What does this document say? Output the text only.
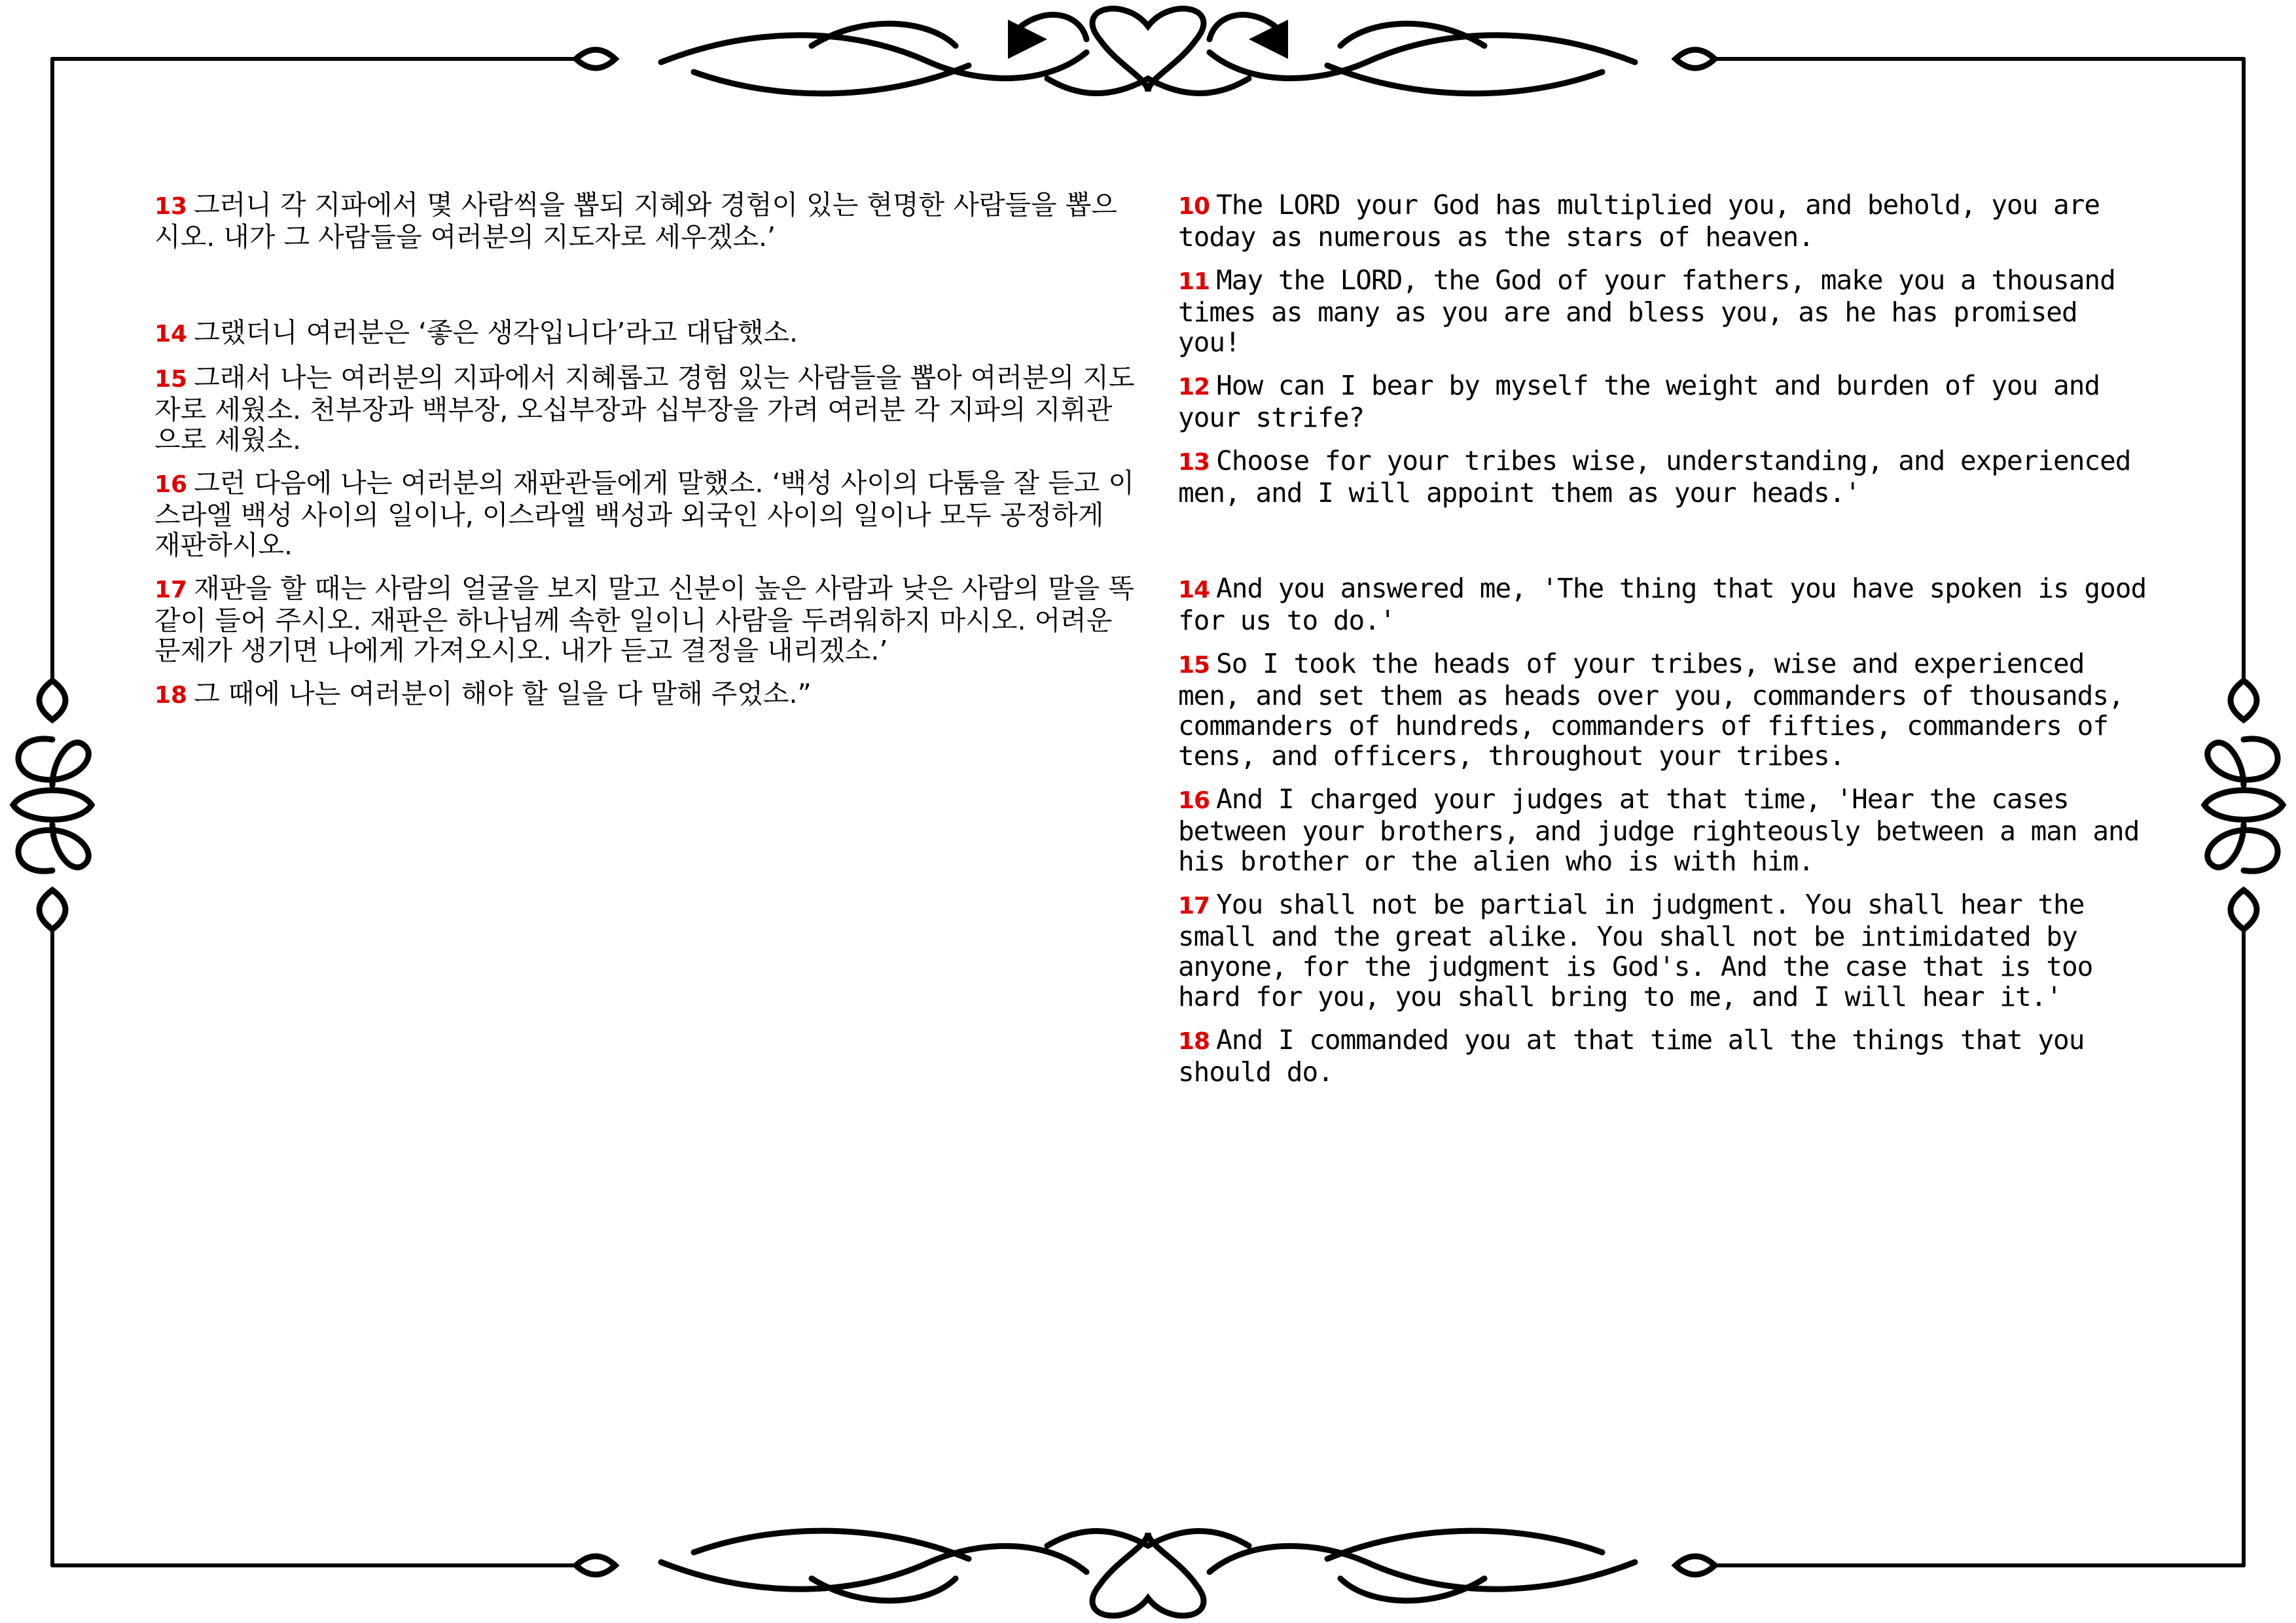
13 그러니 각 지파에서 몇 사람씩을 뽑되 지혜와 경험이 있는 현명한 사람들을 뽑으시오. 내가 그 사람들을 여러분의 지도자로 세우겠소.’

14 그랬더니 여러분은 ‘좋은 생각입니다’라고 대답했소.

15 그래서 나는 여러분의 지파에서 지혜롭고 경험 있는 사람들을 뽑아 여러분의 지도자로 세웠소. 천부장과 백부장, 오십부장과 십부장을 가려 여러분 각 지파의 지휘관으로 세웠소.

16 그런 다음에 나는 여러분의 재판관들에게 말했소. ‘백성 사이의 다툼을 잘 듣고 이스라엘 백성 사이의 일이나, 이스라엘 백성과 외국인 사이의 일이나 모두 공정하게 재판하시오.

17 재판을 할 때는 사람의 얼굴을 보지 말고 신분이 높은 사람과 낮은 사람의 말을 똑같이 들어 주시오. 재판은 하나님께 속한 일이니 사람을 두려워하지 마시오. 어려운 문제가 생기면 나에게 가져오시오. 내가 듣고 결정을 내리겠소.’

18 그 때에 나는 여러분이 해야 할 일을 다 말해 주었소.”

10 The LORD your God has multiplied you, and behold, you are today as numerous as the stars of heaven.

11 May the LORD, the God of your fathers, make you a thousand times as many as you are and bless you, as he has promised you!

12 How can I bear by myself the weight and burden of you and your strife?

13 Choose for your tribes wise, understanding, and experienced men, and I will appoint them as your heads.'

14 And you answered me, 'The thing that you have spoken is good for us to do.'

15 So I took the heads of your tribes, wise and experienced men, and set them as heads over you, commanders of thousands, commanders of hundreds, commanders of fifties, commanders of tens, and officers, throughout your tribes.

16 And I charged your judges at that time, 'Hear the cases between your brothers, and judge righteously between a man and his brother or the alien who is with him.

17 You shall not be partial in judgment. You shall hear the small and the great alike. You shall not be intimidated by anyone, for the judgment is God's. And the case that is too hard for you, you shall bring to me, and I will hear it.'

18 And I commanded you at that time all the things that you should do.
